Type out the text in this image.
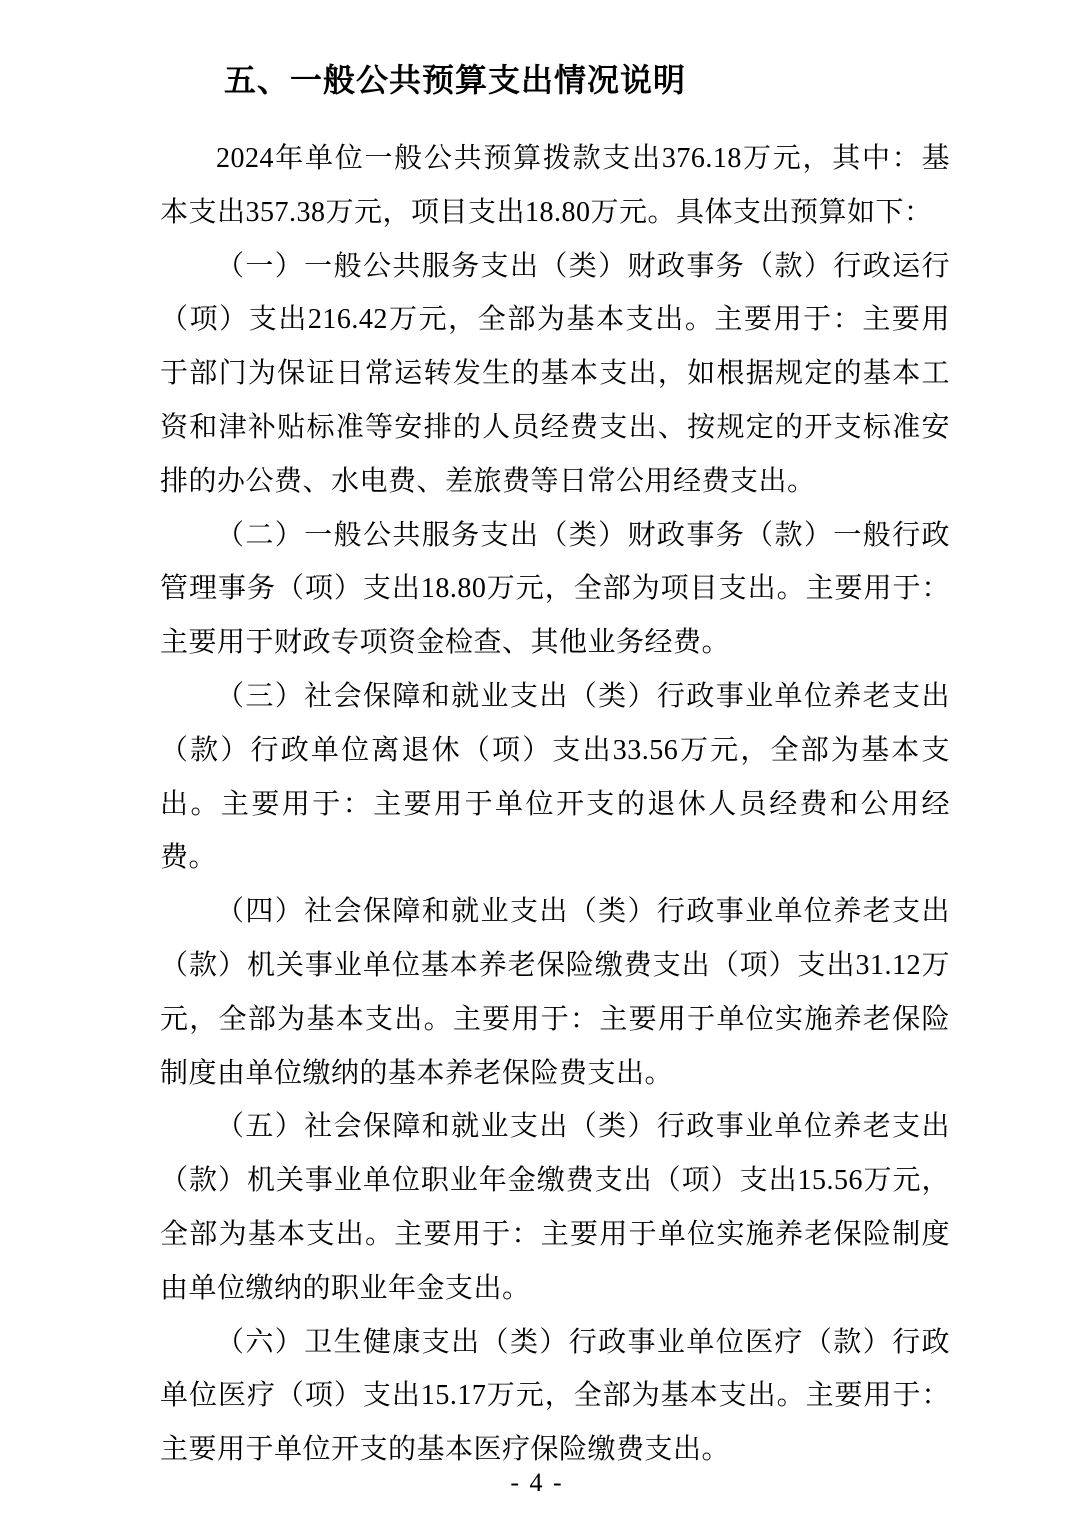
五、一般公共预算支出情况说明

2024年单位一般公共预算拨款支出376.18万元，其中：基本支出357.38万元，项目支出18.80万元。具体支出预算如下：

（一）一般公共服务支出（类）财政事务（款）行政运行（项）支出216.42万元，全部为基本支出。主要用于：主要用于部门为保证日常运转发生的基本支出，如根据规定的基本工资和津补贴标准等安排的人员经费支出、按规定的开支标准安排的办公费、水电费、差旅费等日常公用经费支出。

（二）一般公共服务支出（类）财政事务（款）一般行政管理事务（项）支出18.80万元，全部为项目支出。主要用于：主要用于财政专项资金检查、其他业务经费。

（三）社会保障和就业支出（类）行政事业单位养老支出（款）行政单位离退休（项）支出33.56万元，全部为基本支出。主要用于：主要用于单位开支的退休人员经费和公用经费。

（四）社会保障和就业支出（类）行政事业单位养老支出（款）机关事业单位基本养老保险缴费支出（项）支出31.12万元，全部为基本支出。主要用于：主要用于单位实施养老保险制度由单位缴纳的基本养老保险费支出。

（五）社会保障和就业支出（类）行政事业单位养老支出（款）机关事业单位职业年金缴费支出（项）支出15.56万元，全部为基本支出。主要用于：主要用于单位实施养老保险制度由单位缴纳的职业年金支出。

（六）卫生健康支出（类）行政事业单位医疗（款）行政单位医疗（项）支出15.17万元，全部为基本支出。主要用于：主要用于单位开支的基本医疗保险缴费支出。

- 4 -
